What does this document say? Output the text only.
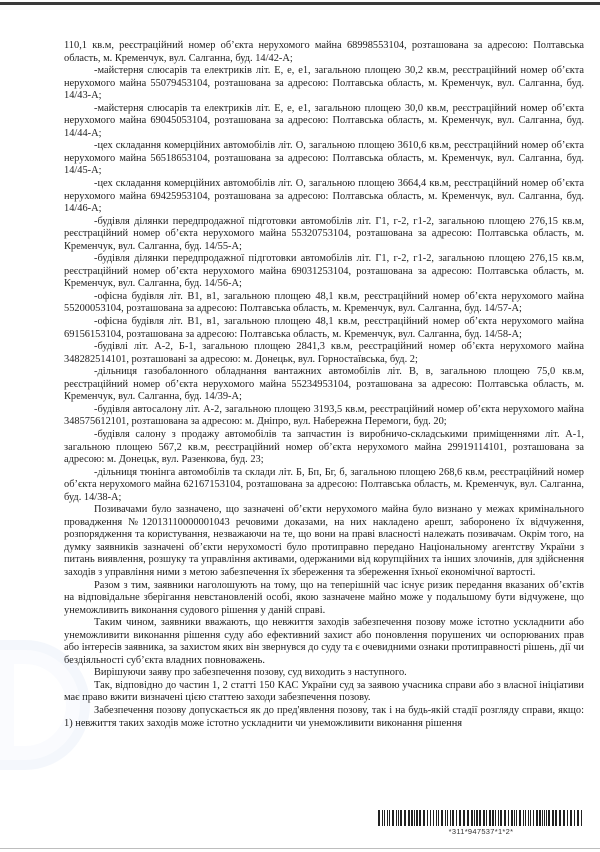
110,1 кв.м, реєстраційний номер об’єкта нерухомого майна 68998553104, розташована за адресою: Полтавська область, м. Кременчук, вул. Салганна, буд. 14/42-А;

-майстерня слюсарів та електриків літ. Е, е, е1, загальною площею 30,2 кв.м, реєстраційний номер об’єкта нерухомого майна 55079453104, розташована за адресою: Полтавська область, м. Кременчук, вул. Салганна, буд. 14/43-А;

-майстерня слюсарів та електриків літ. Е, е, е1, загальною площею 30,0 кв.м, реєстраційний номер об’єкта нерухомого майна 69045053104, розташована за адресою: Полтавська область, м. Кременчук, вул. Салганна, буд. 14/44-А;

-цех складання комерційних автомобілів літ. О, загальною площею 3610,6 кв.м, реєстраційний номер об’єкта нерухомого майна 56518653104, розташована за адресою: Полтавська область, м. Кременчук, вул. Салганна, буд. 14/45-А;

-цех складання комерційних автомобілів літ. О, загальною площею 3664,4 кв.м, реєстраційний номер об’єкта нерухомого майна 69425953104, розташована за адресою: Полтавська область, м. Кременчук, вул. Салганна, буд. 14/46-А;

-будівля ділянки передпродажної підготовки автомобілів літ. Г1, г-2, г1-2, загальною площею 276,15 кв.м, реєстраційний номер об’єкта нерухомого майна 55320753104, розташована за адресою: Полтавська область, м. Кременчук, вул. Салганна, буд. 14/55-А;

-будівля ділянки передпродажної підготовки автомобілів літ. Г1, г-2, г1-2, загальною площею 276,15 кв.м, реєстраційний номер об’єкта нерухомого майна 69031253104, розташована за адресою: Полтавська область, м. Кременчук, вул. Салганна, буд. 14/56-А;

-офісна будівля літ. В1, в1, загальною площею 48,1 кв.м, реєстраційний номер об’єкта нерухомого майна 55200053104, розташована за адресою: Полтавська область, м. Кременчук, вул. Салганна, буд. 14/57-А;

-офісна будівля літ. В1, в1, загальною площею 48,1 кв.м, реєстраційний номер об’єкта нерухомого майна 69156153104, розташована за адресою: Полтавська область, м. Кременчук, вул. Салганна, буд. 14/58-А;

-будівлі літ. А-2, Б-1, загальною площею 2841,3 кв.м, реєстраційний номер об’єкта нерухомого майна 348282514101, розташовані за адресою: м. Донецьк, вул. Горностаївська, буд. 2;

-дільниця газобалонного обладнання вантажних автомобілів літ. В, в, загальною площею 75,0 кв.м, реєстраційний номер об’єкта нерухомого майна 55234953104, розташована за адресою: Полтавська область, м. Кременчук, вул. Салганна, буд. 14/39-А;

-будівля автосалону літ. А-2, загальною площею 3193,5 кв.м, реєстраційний номер об’єкта нерухомого майна 348575612101, розташована за адресою: м. Дніпро, вул. Набережна Перемоги, буд. 20;

-будівля салону з продажу автомобілів та запчастин із виробничо-складськими приміщеннями літ. А-1, загальною площею 567,2 кв.м, реєстраційний номер об’єкта нерухомого майна 29919114101, розташована за адресою: м. Донецьк, вул. Разенкова, буд. 23;

-дільниця тюнінга автомобілів та склади літ. Б, Бп, Бг, б, загальною площею 268,6 кв.м, реєстраційний номер об’єкта нерухомого майна 62167153104, розташована за адресою: Полтавська область, м. Кременчук, вул. Салганна, буд. 14/38-А;

Позивачами було зазначено, що зазначені об’єкти нерухомого майна було визнано у межах кримінального провадження №12013110000001043 речовими доказами, на них накладено арешт, заборонено їх відчуження, розпорядження та користування, незважаючи на те, що вони на праві власності належать позивачам. Окрім того, на думку заявників зазначені об’єкти нерухомості було протиправно передано Національному агентству України з питань виявлення, розшуку та управління активами, одержаними від корупційних та інших злочинів, для здійснення заходів з управління ними з метою забезпечення їх збереження та збереження їхньої економічної вартості.

Разом з тим, заявники наголошують на тому, що на теперішній час існує ризик передання вказаних об’єктів на відповідальне зберігання невстановленій особі, якою зазначене майно може у подальшому бути відчужене, що унеможливить виконання судового рішення у даній справі.

Таким чином, заявники вважають, що невжиття заходів забезпечення позову може істотно ускладнити або унеможливити виконання рішення суду або ефективний захист або поновлення порушених чи оспорюваних прав або інтересів заявника, за захистом яких він звернувся до суду та є очевидними ознаки протиправності рішень, дії чи бездіяльності суб’єкта владних повноважень.

Вирішуючи заяву про забезпечення позову, суд виходить з наступного.

Так, відповідно до частин 1, 2 статті 150 КАС України суд за заявою учасника справи або з власної ініціативи має право вжити визначені цією статтею заходи забезпечення позову.

Забезпечення позову допускається як до пред'явлення позову, так і на будь-якій стадії розгляду справи, якщо: 1) невжиття таких заходів може істотно ускладнити чи унеможливити виконання рішення

*311*947537*1*2*
